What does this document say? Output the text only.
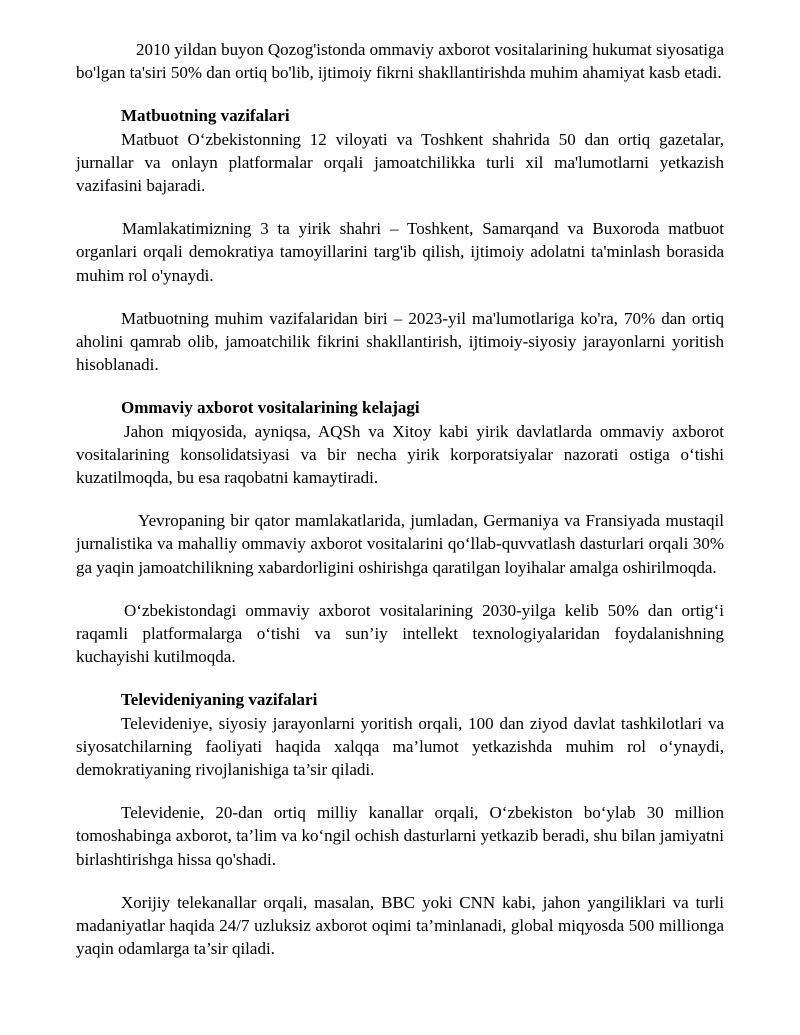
2010 yildan buyon Qozog'istonda ommaviy axborot vositalarining hukumat siyosatiga bo'lgan ta'siri 50% dan ortiq bo'lib, ijtimoiy fikrni shakllantirishda muhim ahamiyat kasb etadi.

Matbuotning vazifalari

Matbuot O‘zbekistonning 12 viloyati va Toshkent shahrida 50 dan ortiq gazetalar, jurnallar va onlayn platformalar orqali jamoatchilikka turli xil ma'lumotlarni yetkazish vazifasini bajaradi.

Mamlakatimizning 3 ta yirik shahri – Toshkent, Samarqand va Buxoroda matbuot organlari orqali demokratiya tamoyillarini targ'ib qilish, ijtimoiy adolatni ta'minlash borasida muhim rol o'ynaydi.

Matbuotning muhim vazifalaridan biri – 2023-yil ma'lumotlariga ko'ra, 70% dan ortiq aholini qamrab olib, jamoatchilik fikrini shakllantirish, ijtimoiy-siyosiy jarayonlarni yoritish hisoblanadi.

Ommaviy axborot vositalarining kelajagi

Jahon miqyosida, ayniqsa, AQSh va Xitoy kabi yirik davlatlarda ommaviy axborot vositalarining konsolidatsiyasi va bir necha yirik korporatsiyalar nazorati ostiga o‘tishi kuzatilmoqda, bu esa raqobatni kamaytiradi.

Yevropaning bir qator mamlakatlarida, jumladan, Germaniya va Fransiyada mustaqil jurnalistika va mahalliy ommaviy axborot vositalarini qo‘llab-quvvatlash dasturlari orqali 30% ga yaqin jamoatchilikning xabardorligini oshirishga qaratilgan loyihalar amalga oshirilmoqda.

O‘zbekistondagi ommaviy axborot vositalarining 2030-yilga kelib 50% dan ortig‘i raqamli platformalarga o‘tishi va sun’iy intellekt texnologiyalaridan foydalanishning kuchayishi kutilmoqda.

Televideniyaning vazifalari

Televideniye, siyosiy jarayonlarni yoritish orqali, 100 dan ziyod davlat tashkilotlari va siyosatchilarning faoliyati haqida xalqqa ma’lumot yetkazishda muhim rol o‘ynaydi, demokratiyaning rivojlanishiga ta’sir qiladi.

Televidenie, 20-dan ortiq milliy kanallar orqali, O‘zbekiston bo‘ylab 30 million tomoshabinga axborot, ta’lim va ko‘ngil ochish dasturlarni yetkazib beradi, shu bilan jamiyatni birlashtirishga hissa qo'shadi.

Xorijiy telekanallar orqali, masalan, BBC yoki CNN kabi, jahon yangiliklari va turli madaniyatlar haqida 24/7 uzluksiz axborot oqimi ta’minlanadi, global miqyosda 500 millionga yaqin odamlarga ta’sir qiladi.
